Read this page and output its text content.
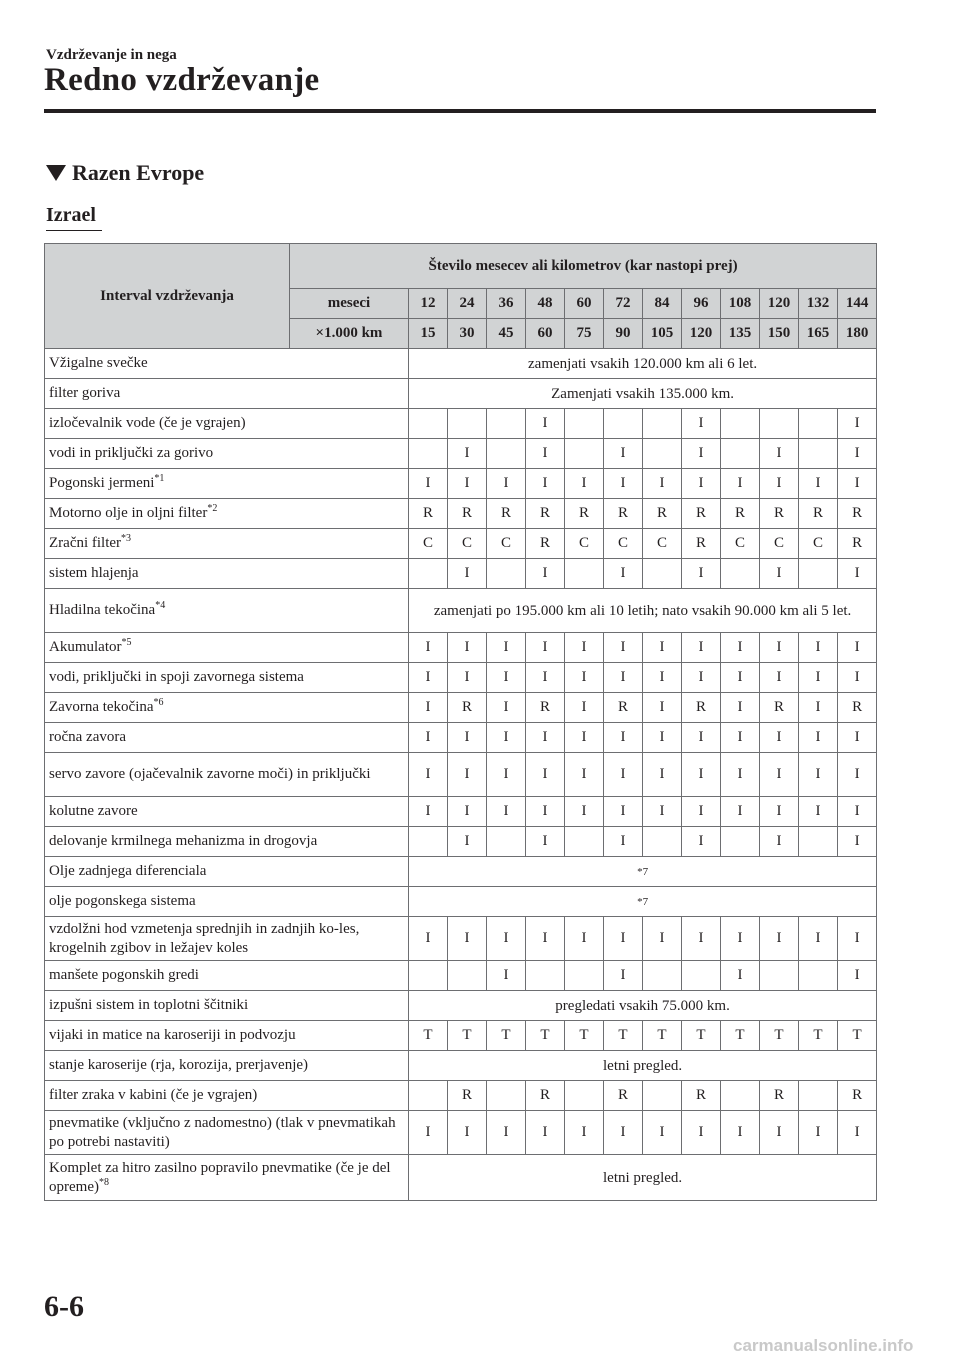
Vzdrževanje in nega
Redno vzdrževanje
Razen Evrope
Izrael
Interval vzdrževanja	Število mesecev ali kilometrov (kar nastopi prej)												
	meseci	12	24	36	48	60	72	84	96	108	120	132	144
	×1.000 km	15	30	45	60	75	90	105	120	135	150	165	180
Vžigalne svečke		zamenjati vsakih 120.000 km ali 6 let.											
filter goriva		Zamenjati vsakih 135.000 km.											
izločevalnik vode (če je vgrajen)					I				I				I
vodi in priključki za gorivo			I		I		I		I		I		I
Pogonski jermeni$^{*1}$		I	I	I	I	I	I	I	I	I	I	I	I
Motorno olje in oljni filter$^{*2}$		R	R	R	R	R	R	R	R	R	R	R	R
Zračni filter$^{*3}$		C	C	C	R	C	C	C	R	C	C	C	R
sistem hlajenja			I		I		I		I		I		I
Hladilna tekočina$^{*4}$		zamenjati po 195.000 km ali 10 letih; nato vsakih 90.000 km ali 5 let.											
Akumulator$^{*5}$		I	I	I	I	I	I	I	I	I	I	I	I
vodi, priključki in spoji zavornega sistema		I	I	I	I	I	I	I	I	I	I	I	I
Zavorna tekočina$^{*6}$		I	R	I	R	I	R	I	R	I	R	I	R
ročna zavora		I	I	I	I	I	I	I	I	I	I	I	I
servo zavore (ojačevalnik zavorne moči) in priključki		I	I	I	I	I	I	I	I	I	I	I	I
kolutne zavore		I	I	I	I	I	I	I	I	I	I	I	I
delovanje krmilnega mehanizma in drogovja			I		I		I		I		I		I
Olje zadnjega diferenciala		*7											
olje pogonskega sistema		*7											
vzdolžni hod vzmetenja sprednjih in zadnjih ko-les, krogelnih zgibov in ležajev koles		I	I	I	I	I	I	I	I	I	I	I	I
manšete pogonskih gredi				I			I			I			I
izpušni sistem in toplotni ščitniki		pregledati vsakih 75.000 km.											
vijaki in matice na karoseriji in podvozju		T	T	T	T	T	T	T	T	T	T	T	T
stanje karoserije (rja, korozija, prerjavenje)		letni pregled.											
filter zraka v kabini (če je vgrajen)			R		R		R		R		R		R
pnevmatike (vključno z nadomestno) (tlak v pnevmatikah po potrebi nastaviti)		I	I	I	I	I	I	I	I	I	I	I	I
Komplet za hitro zasilno popravilo pnevmatike (če je del opreme)$^{*8}$		letni pregled.											
6-6
carmanualsonline.info
